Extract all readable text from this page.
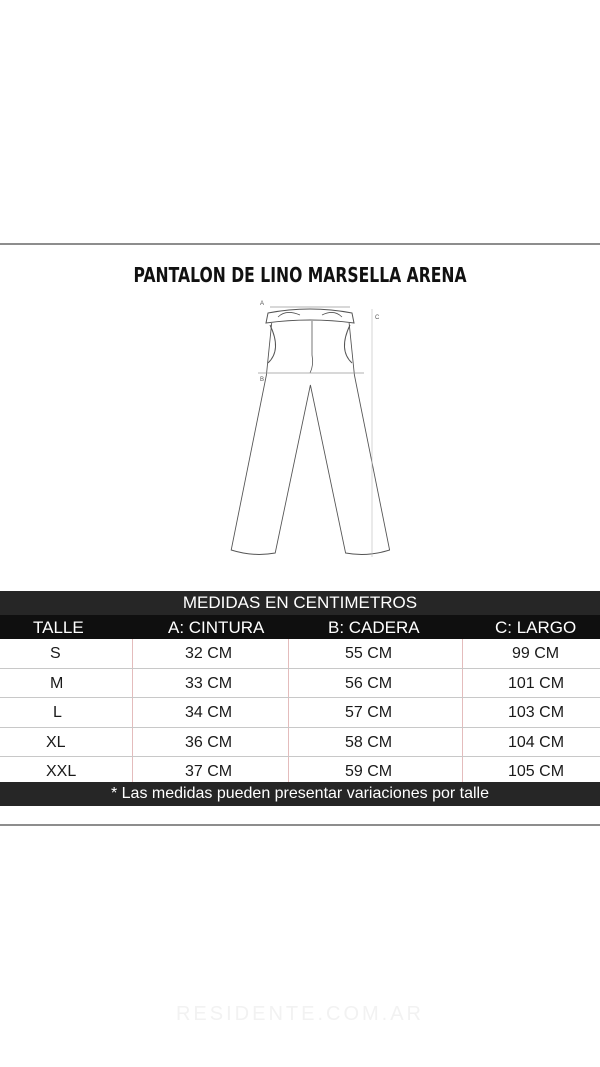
PANTALON DE LINO MARSELLA ARENA
A
B
C
MEDIDAS EN CENTIMETROS
TALLE	A: CINTURA	B: CADERA	C: LARGO
S	32 CM	55 CM	99 CM
M	33 CM	56 CM	101 CM
L	34 CM	57 CM	103 CM
XL	36 CM	58 CM	104 CM
XXL	37 CM	59 CM	105 CM
* Las medidas pueden presentar variaciones por talle
RESIDENTE.COM.AR
